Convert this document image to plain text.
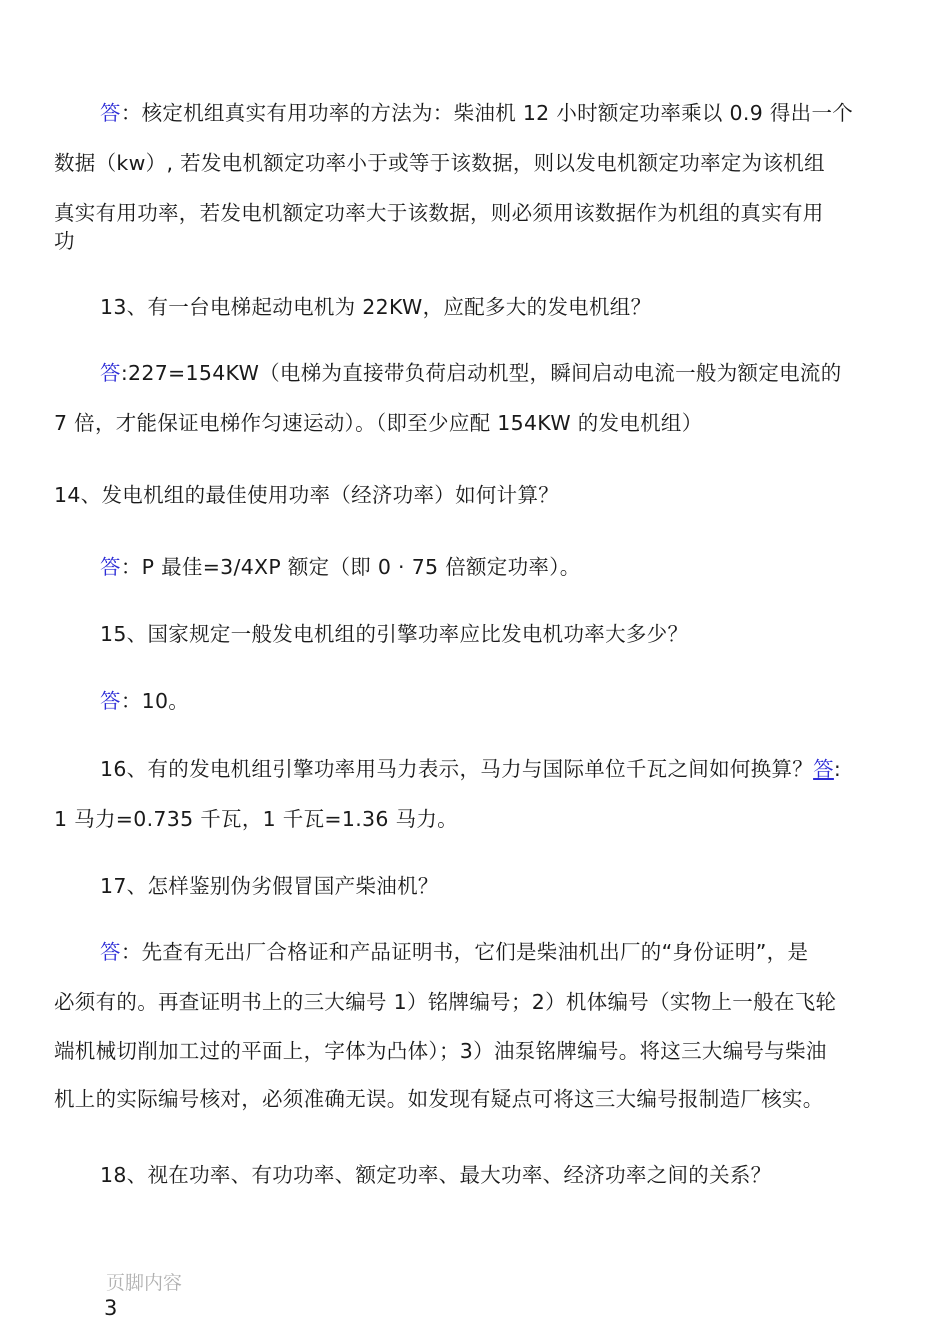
答：核定机组真实有用功率的方法为：柴油机 12 小时额定功率乘以 0.9 得出一个

数据（kw）, 若发电机额定功率小于或等于该数据，则以发电机额定功率定为该机组

真实有用功率，若发电机额定功率大于该数据，则必须用该数据作为机组的真实有用

功

13、有一台电梯起动电机为 22KW，应配多大的发电机组？

答:227=154KW（电梯为直接带负荷启动机型，瞬间启动电流一般为额定电流的

7 倍，才能保证电梯作匀速运动）。（即至少应配 154KW 的发电机组）

14、发电机组的最佳使用功率（经济功率）如何计算？

答：P 最佳=3/4XP 额定（即 0 · 75 倍额定功率）。

15、国家规定一般发电机组的引擎功率应比发电机功率大多少？

答：10。

16、有的发电机组引擎功率用马力表示，马力与国际单位千瓦之间如何换算？答:

1 马力=0.735 千瓦，1 千瓦=1.36 马力。

17、怎样鉴别伪劣假冒国产柴油机？

答：先查有无出厂合格证和产品证明书，它们是柴油机出厂的“身份证明”，是

必须有的。再查证明书上的三大编号 1）铭牌编号；2）机体编号（实物上一般在飞轮

端机械切削加工过的平面上，字体为凸体）；3）油泵铭牌编号。将这三大编号与柴油

机上的实际编号核对，必须准确无误。如发现有疑点可将这三大编号报制造厂核实。

18、视在功率、有功功率、额定功率、最大功率、经济功率之间的关系？

页脚内容
3
